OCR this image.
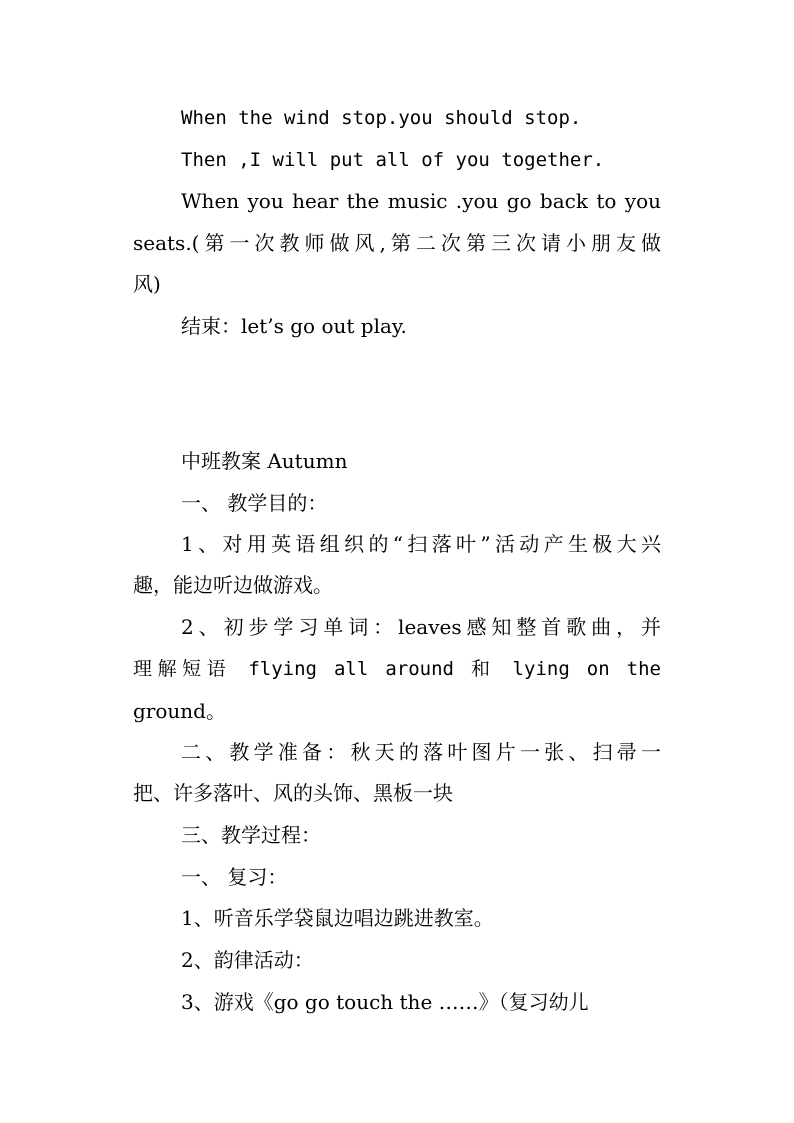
When the wind stop.you should stop.
Then ,I will put all of you together.
When you hear the music .you go back to you
seats.(第一次教师做风,第二次第三次请小朋友做
风)
结束：let’s go out play.
中班教案 Autumn
一、 教学目的：
1、对用英语组织的“扫落叶”活动产生极大兴
趣，能边听边做游戏。
2、初步学习单词：leaves感知整首歌曲，并
理解短语 flying all around 和 lying on the
ground。
二、教学准备：秋天的落叶图片一张、扫帚一
把、许多落叶、风的头饰、黑板一块
三、教学过程：
一、 复习：
1、听音乐学袋鼠边唱边跳进教室。
2、韵律活动：
3、游戏《go go touch the ……》（复习幼儿
